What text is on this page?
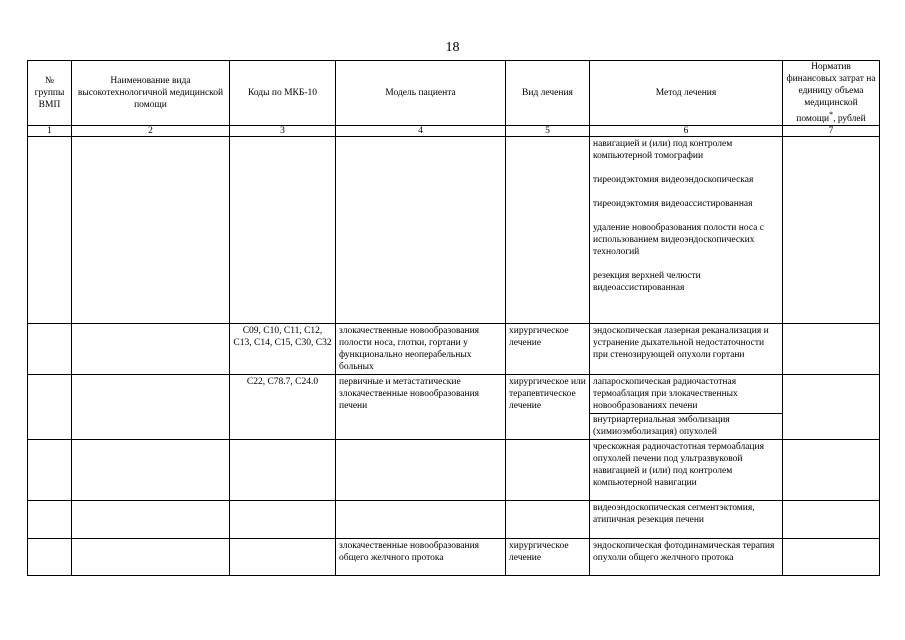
18
№ группы ВМП	Наименование вида высокотехнологичной медицинской помощи	Коды по МКБ-10	Модель пациента	Вид лечения	Метод лечения	Норматив финансовых затрат на единицу объема медицинской помощи*, рублей
1	2	3	4	5	6	7

					навигацией и (или) под контролем компьютерной томографии
тиреоидэктомия видеоэндоскопическая
тиреоидэктомия видеоассистированная
удаление новообразования полости носа с использованием видеоэндоскопических технологий
резекция верхней челюсти видеоассистированная	

		C09, C10, C11, C12, C13, C14, C15, C30, C32	злокачественные новообразования полости носа, глотки, гортани у функционально неоперабельных больных	хирургическое лечение	эндоскопическая лазерная реканализация и устранение дыхательной недостаточности при стенозирующей опухоли гортани	

		C22, C78.7, C24.0	первичные и метастатические злокачественные новообразования печени	хирургическое или терапевтическое лечение	лапароскопическая радиочастотная термоаблация при злокачественных новообразованиях печени
внутриартериальная эмболизация (химиоэмболизация) опухолей	

					чрескожная радиочастотная термоаблация опухолей печени под ультразвуковой навигацией и (или) под контролем компьютерной навигации	

					видеоэндоскопическая сегментэктомия, атипичная резекция печени	

			злокачественные новообразования общего желчного протока	хирургическое лечение	эндоскопическая фотодинамическая терапия опухоли общего желчного протока	
